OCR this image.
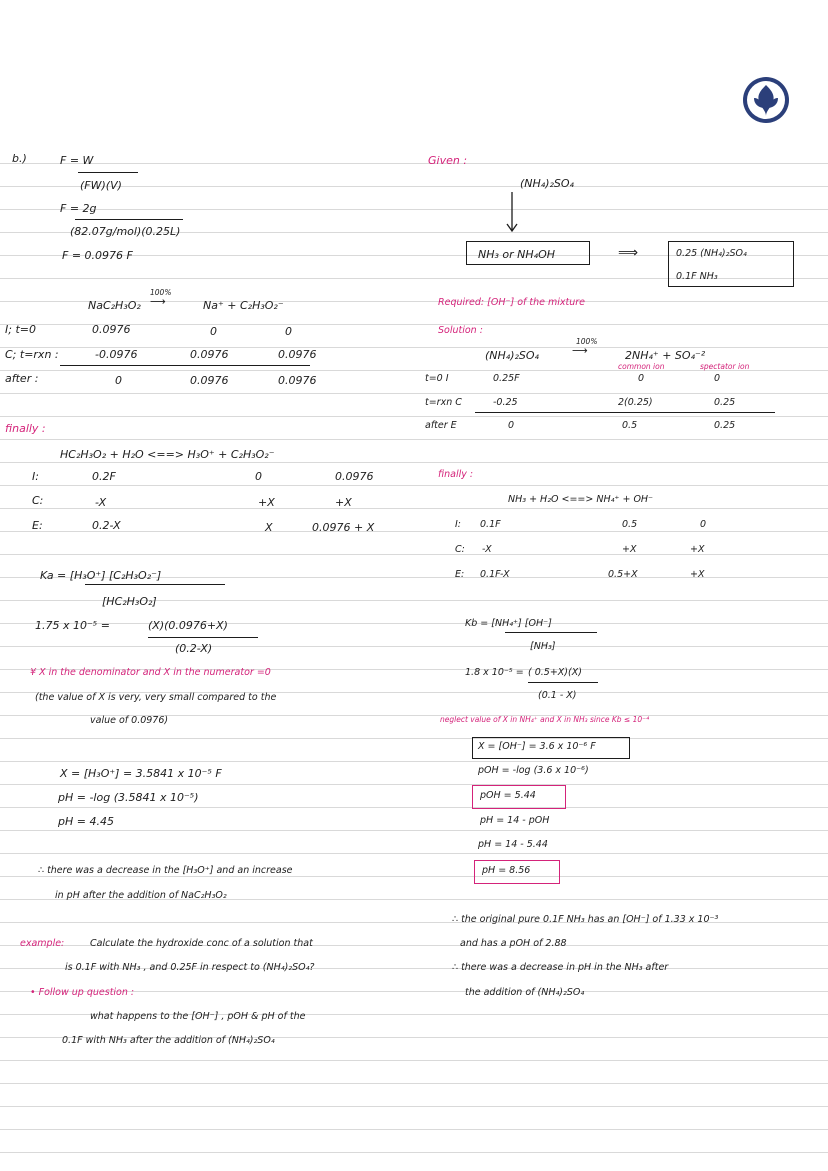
b.)	F = W
(FW)(V)
F = 2g
(82.07g/mol)(0.25L)
F = 0.0976 F
NaC₂H₃O₂
100%
⟶	Na⁺ + C₂H₃O₂⁻
I; t=0	0.0976	0	0
C; t=rxn :	-0.0976	0.0976	0.0976
after :	0	0.0976	0.0976
finally :
HC₂H₃O₂ + H₂O <==> H₃O⁺ + C₂H₃O₂⁻
I:	0.2F	0	0.0976
C:	-X	+X	+X
E:	0.2-X	X	0.0976 + X
Ka = [H₃O⁺] [C₂H₃O₂⁻]
[HC₂H₃O₂]
1.75 x 10⁻⁵ =	(X)(0.0976+X)
(0.2-X)
¥ X in the denominator and X in the numerator =0
(the value of X is very, very small compared to the
value of 0.0976)
X = [H₃O⁺] = 3.5841 x 10⁻⁵ F
pH = -log (3.5841 x 10⁻⁵)
pH = 4.45
∴ there was a decrease in the [H₃O⁺] and an increase
in pH after the addition of NaC₂H₃O₂
example:	Calculate the hydroxide conc of a solution that
is 0.1F with NH₃ , and 0.25F in respect to (NH₄)₂SO₄?
• Follow up question :
what happens to the [OH⁻] , pOH & pH of the
0.1F with NH₃ after the addition of (NH₄)₂SO₄
Given :
(NH₄)₂SO₄
NH₃ or NH₄OH	⟹	0.25 (NH₄)₂SO₄
0.1F NH₃
Required: [OH⁻] of the mixture
Solution :
(NH₄)₂SO₄
100%
⟶	2NH₄⁺ + SO₄⁻²
common ion	spectator ion
t=0 I	0.25F	0	0
t=rxn C	-0.25	2(0.25)	0.25
after E	0	0.5	0.25
finally :
NH₃ + H₂O <==> NH₄⁺ + OH⁻
I: 0.1F	0.5	0
C: -X	+X	+X
E: 0.1F-X	0.5+X	+X
Kb = [NH₄⁺] [OH⁻]
[NH₃]
1.8 x 10⁻⁵ = ( 0.5+X)(X)
(0.1 - X)
neglect value of X in NH₄⁺ and X in NH₃ since Kb ≤ 10⁻⁴
X = [OH⁻] = 3.6 x 10⁻⁶ F
pOH = -log (3.6 x 10⁻⁶)
pOH = 5.44
pH = 14 - pOH
pH = 14 - 5.44
pH = 8.56
∴ the original pure 0.1F NH₃ has an [OH⁻] of 1.33 x 10⁻³
and has a pOH of 2.88
∴ there was a decrease in pH in the NH₃ after
the addition of (NH₄)₂SO₄
